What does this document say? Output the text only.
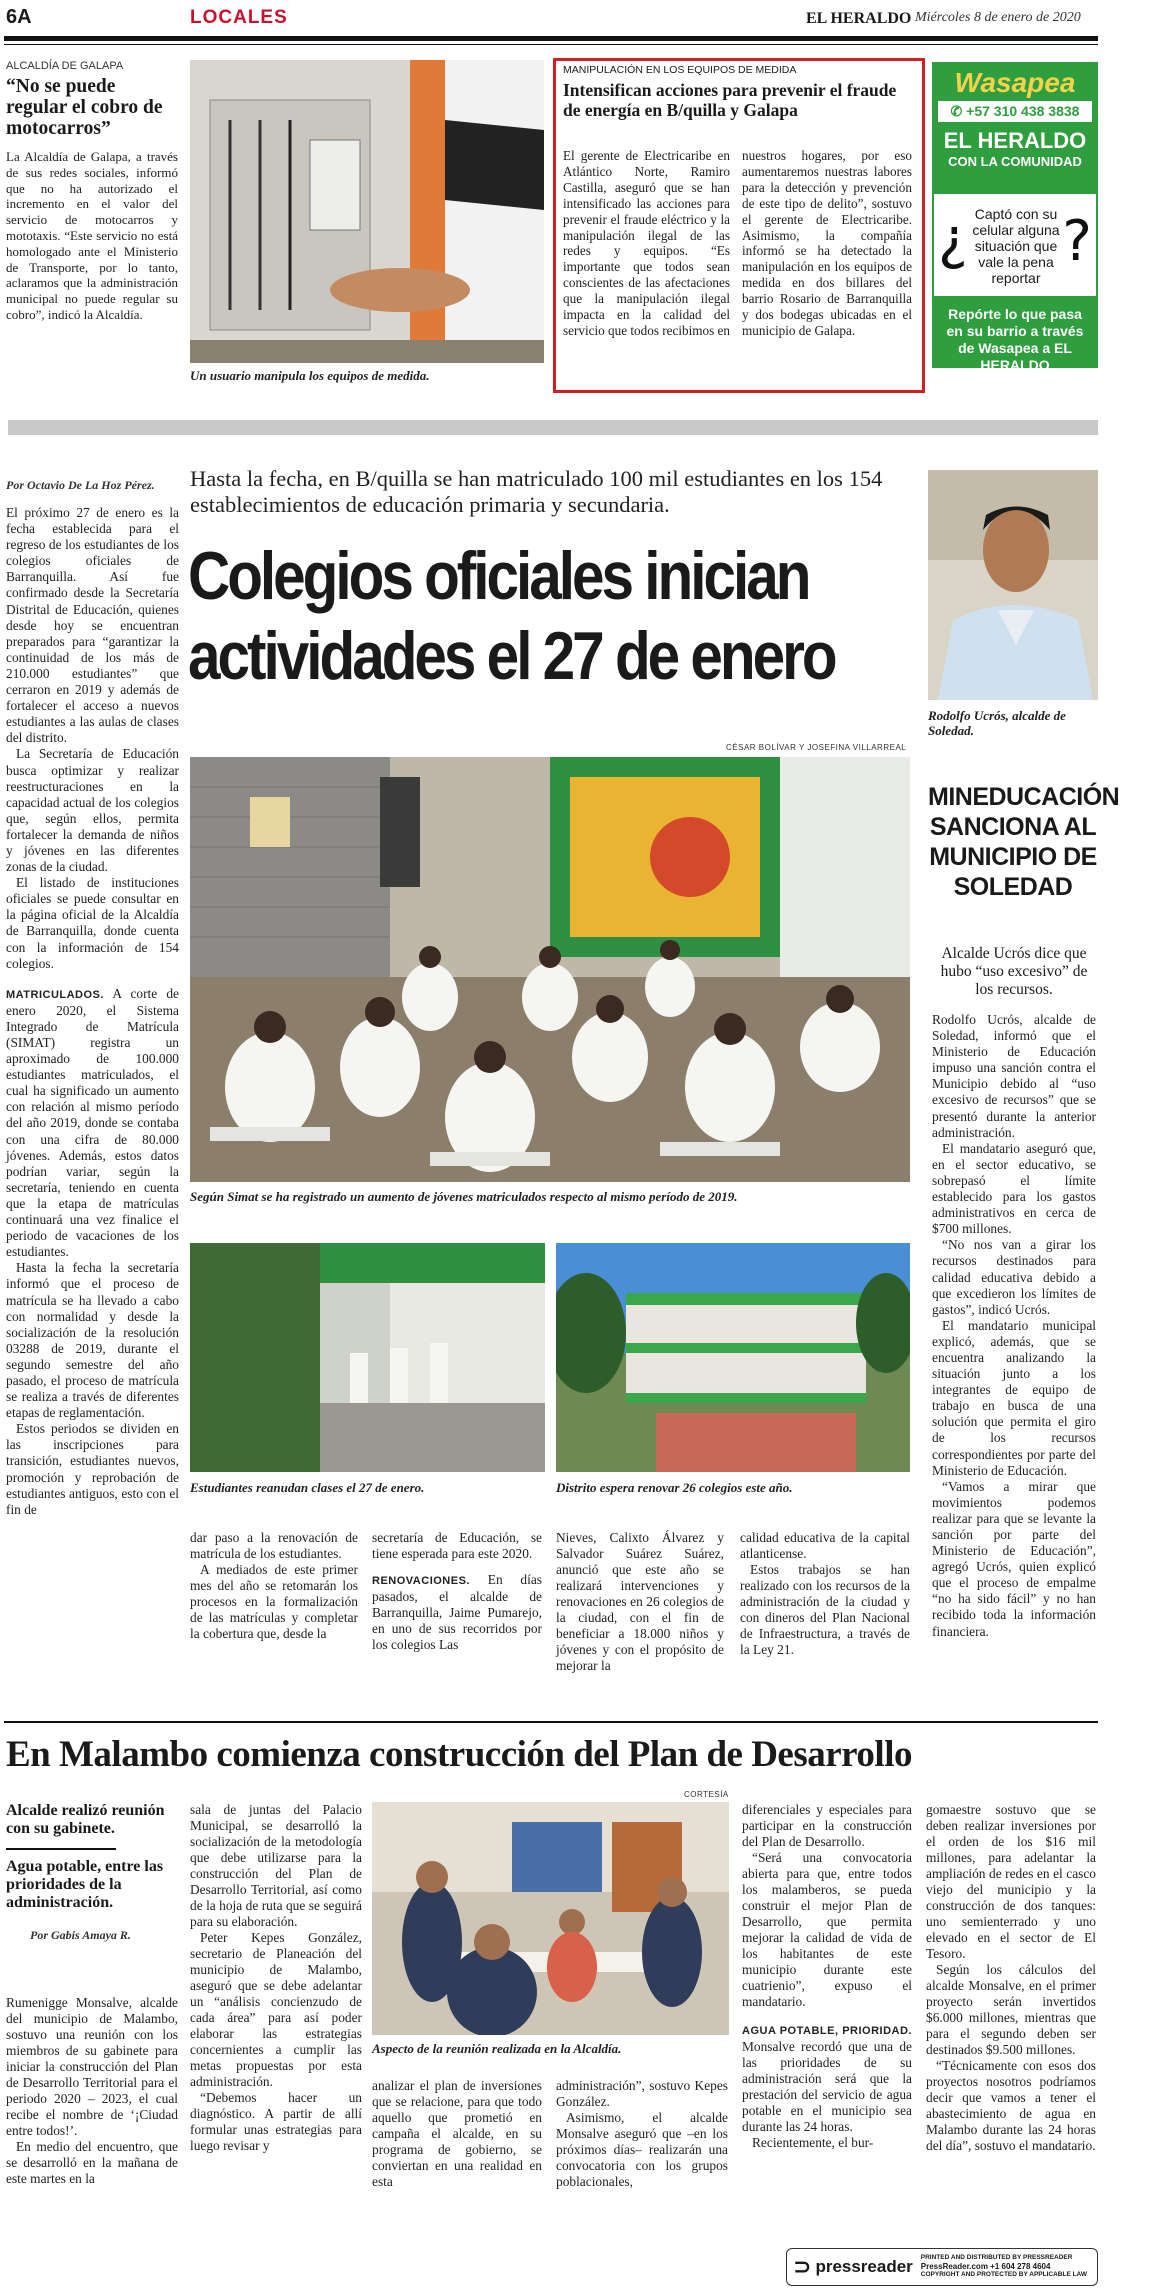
6A	LOCALES	EL HERALDO Miércoles 8 de enero de 2020
ALCALDÍA DE GALAPA
“No se puede regular el cobro de motocarros”

La Alcaldía de Galapa, a través de sus redes sociales, informó que no ha autorizado el incremento en el valor del servicio de motocarros y mototaxis. “Este servicio no está homologado ante el Ministerio de Transporte, por lo tanto, aclaramos que la administración municipal no puede regular su cobro”, indicó la Alcaldía.

Un usuario manipula los equipos de medida.
MANIPULACIÓN EN LOS EQUIPOS DE MEDIDA
Intensifican acciones para prevenir el fraude de energía en B/quilla y Galapa

El gerente de Electricaribe en Atlántico Norte, Ramiro Castilla, aseguró que se han intensificado las acciones para prevenir el fraude eléctrico y la manipulación ilegal de las redes y equipos. “Es importante que todos sean conscientes de las afectaciones que la manipulación ilegal impacta en la calidad del servicio que todos recibimos en

nuestros hogares, por eso aumentaremos nuestras labores para la detección y prevención de este tipo de delito”, sostuvo el gerente de Electricaribe. Asimismo, la compañía informó se ha detectado la manipulación en los equipos de medida en dos billares del barrio Rosario de Barranquilla y dos bodegas ubicadas en el municipio de Galapa.

Wasapea
✆ +57 310 438 3838
EL HERALDO
CON LA COMUNIDAD
¿ Captó con su celular alguna situación que vale la pena reportar
?
Repórte lo que pasa en su barrio a través de Wasapea a EL HERALDO
Por Octavio De La Hoz Pérez.

El próximo 27 de enero es la fecha establecida para el regreso de los estudiantes de los colegios oficiales de Barranquilla. Así fue confirmado desde la Secretaría Distrital de Educación, quienes desde hoy se encuentran preparados para “garantizar la continuidad de los más de 210.000 estudiantes” que cerraron en 2019 y además de fortalecer el acceso a nuevos estudiantes a las aulas de clases del distrito.

La Secretaría de Educación busca optimizar y realizar reestructuraciones en la capacidad actual de los colegios que, según ellos, permita fortalecer la demanda de niños y jóvenes en las diferentes zonas de la ciudad.

El listado de instituciones oficiales se puede consultar en la página oficial de la Alcaldía de Barranquilla, donde cuenta con la información de 154 colegios.

MATRICULADOS. A corte de enero 2020, el Sistema Integrado de Matrícula (SIMAT) registra un aproximado de 100.000 estudiantes matriculados, el cual ha significado un aumento con relación al mismo período del año 2019, donde se contaba con una cifra de 80.000 jóvenes. Además, estos datos podrían variar, según la secretaría, teniendo en cuenta que la etapa de matrículas continuará una vez finalice el periodo de vacaciones de los estudiantes.

Hasta la fecha la secretaría informó que el proceso de matrícula se ha llevado a cabo con normalidad y desde la socialización de la resolución 03288 de 2019, durante el segundo semestre del año pasado, el proceso de matrícula se realiza a través de diferentes etapas de reglamentación.

Estos periodos se dividen en las inscripciones para transición, estudiantes nuevos, promoción y reprobación de estudiantes antiguos, esto con el fin de

Hasta la fecha, en B/quilla se han matriculado 100 mil estudiantes en los 154 establecimientos de educación primaria y secundaria.
Colegios oficiales inician actividades el 27 de enero
CÉSAR BOLÍVAR Y JOSEFINA VILLARREAL
Según Simat se ha registrado un aumento de jóvenes matriculados respecto al mismo período de 2019.
Estudiantes reanudan clases el 27 de enero.	Distrito espera renovar 26 colegios este año.

dar paso a la renovación de matrícula de los estudiantes.

A mediados de este primer mes del año se retomarán los procesos en la formalización de las matrículas y completar la cobertura que, desde la

secretaría de Educación, se tiene esperada para este 2020.

RENOVACIONES. En días pasados, el alcalde de Barranquilla, Jaime Pumarejo, en uno de sus recorridos por los colegios Las

Nieves, Calixto Álvarez y Salvador Suárez Suárez, anunció que este año se realizará intervenciones y renovaciones en 26 colegios de la ciudad, con el fin de beneficiar a 18.000 niños y jóvenes y con el propósito de mejorar la

calidad educativa de la capital atlanticense.

Estos trabajos se han realizado con los recursos de la administración de la ciudad y con dineros del Plan Nacional de Infraestructura, a través de la Ley 21.

Rodolfo Ucrós, alcalde de Soledad.
MINEDUCACIÓN SANCIONA AL MUNICIPIO DE SOLEDAD
Alcalde Ucrós dice que hubo “uso excesivo” de los recursos.

Rodolfo Ucrós, alcalde de Soledad, informó que el Ministerio de Educación impuso una sanción contra el Municipio debido al “uso excesivo de recursos” que se presentó durante la anterior administración.

El mandatario aseguró que, en el sector educativo, se sobrepasó el límite establecido para los gastos administrativos en cerca de $700 millones.

“No nos van a girar los recursos destinados para calidad educativa debido a que excedieron los límites de gastos”, indicó Ucrós.

El mandatario municipal explicó, además, que se encuentra analizando la situación junto a los integrantes de equipo de trabajo en busca de una solución que permita el giro de los recursos correspondientes por parte del Ministerio de Educación.

“Vamos a mirar que movimientos podemos realizar para que se levante la sanción por parte del Ministerio de Educación”, agregó Ucrós, quien explicó que el proceso de empalme “no ha sido fácil” y no han recibido toda la información financiera.

En Malambo comienza construcción del Plan de Desarrollo
CORTESÍA
Alcalde realizó reunión con su gabinete.
Agua potable, entre las prioridades de la administración.
Por Gabis Amaya R.

Rumenigge Monsalve, alcalde del municipio de Malambo, sostuvo una reunión con los miembros de su gabinete para iniciar la construcción del Plan de Desarrollo Territorial para el periodo 2020 – 2023, el cual recibe el nombre de ‘¡Ciudad entre todos!’.

En medio del encuentro, que se desarrolló en la mañana de este martes en la

sala de juntas del Palacio Municipal, se desarrolló la socialización de la metodología que debe utilizarse para la construcción del Plan de Desarrollo Territorial, así como de la hoja de ruta que se seguirá para su elaboración.

Peter Kepes González, secretario de Planeación del municipio de Malambo, aseguró que se debe adelantar un “análisis concienzudo de cada área” para así poder elaborar las estrategias concernientes a cumplir las metas propuestas por esta administración.

“Debemos hacer un diagnóstico. A partir de allí formular unas estrategias para luego revisar y

Aspecto de la reunión realizada en la Alcaldía.

analizar el plan de inversiones que se relacione, para que todo aquello que prometió en campaña el alcalde, en su programa de gobierno, se conviertan en una realidad en esta

administración”, sostuvo Kepes González.

Asimismo, el alcalde Monsalve aseguró que –en los próximos días– realizarán una convocatoria con los grupos poblacionales,

diferenciales y especiales para participar en la construcción del Plan de Desarrollo.

“Será una convocatoria abierta para que, entre todos los malamberos, se pueda construir el mejor Plan de Desarrollo, que permita mejorar la calidad de vida de los habitantes de este municipio durante este cuatrienio”, expuso el mandatario.

AGUA POTABLE, PRIORIDAD. Monsalve recordó que una de las prioridades de su administración será que la prestación del servicio de agua potable en el municipio sea durante las 24 horas.

Recientemente, el bur-

gomaestre sostuvo que se deben realizar inversiones por el orden de los $16 mil millones, para adelantar la ampliación de redes en el casco viejo del municipio y la construcción de dos tanques: uno semienterrado y uno elevado en el sector de El Tesoro.

Según los cálculos del alcalde Monsalve, en el primer proyecto serán invertidos $6.000 millones, mientras que para el segundo deben ser destinados $9.500 millones.

“Técnicamente con esos dos proyectos nosotros podríamos decir que vamos a tener el abastecimiento de agua en Malambo durante las 24 horas del día”, sostuvo el mandatario.

⊃ pressreader PRINTED AND DISTRIBUTED BY PRESSREADER
PressReader.com +1 604 278 4604
COPYRIGHT AND PROTECTED BY APPLICABLE LAW
